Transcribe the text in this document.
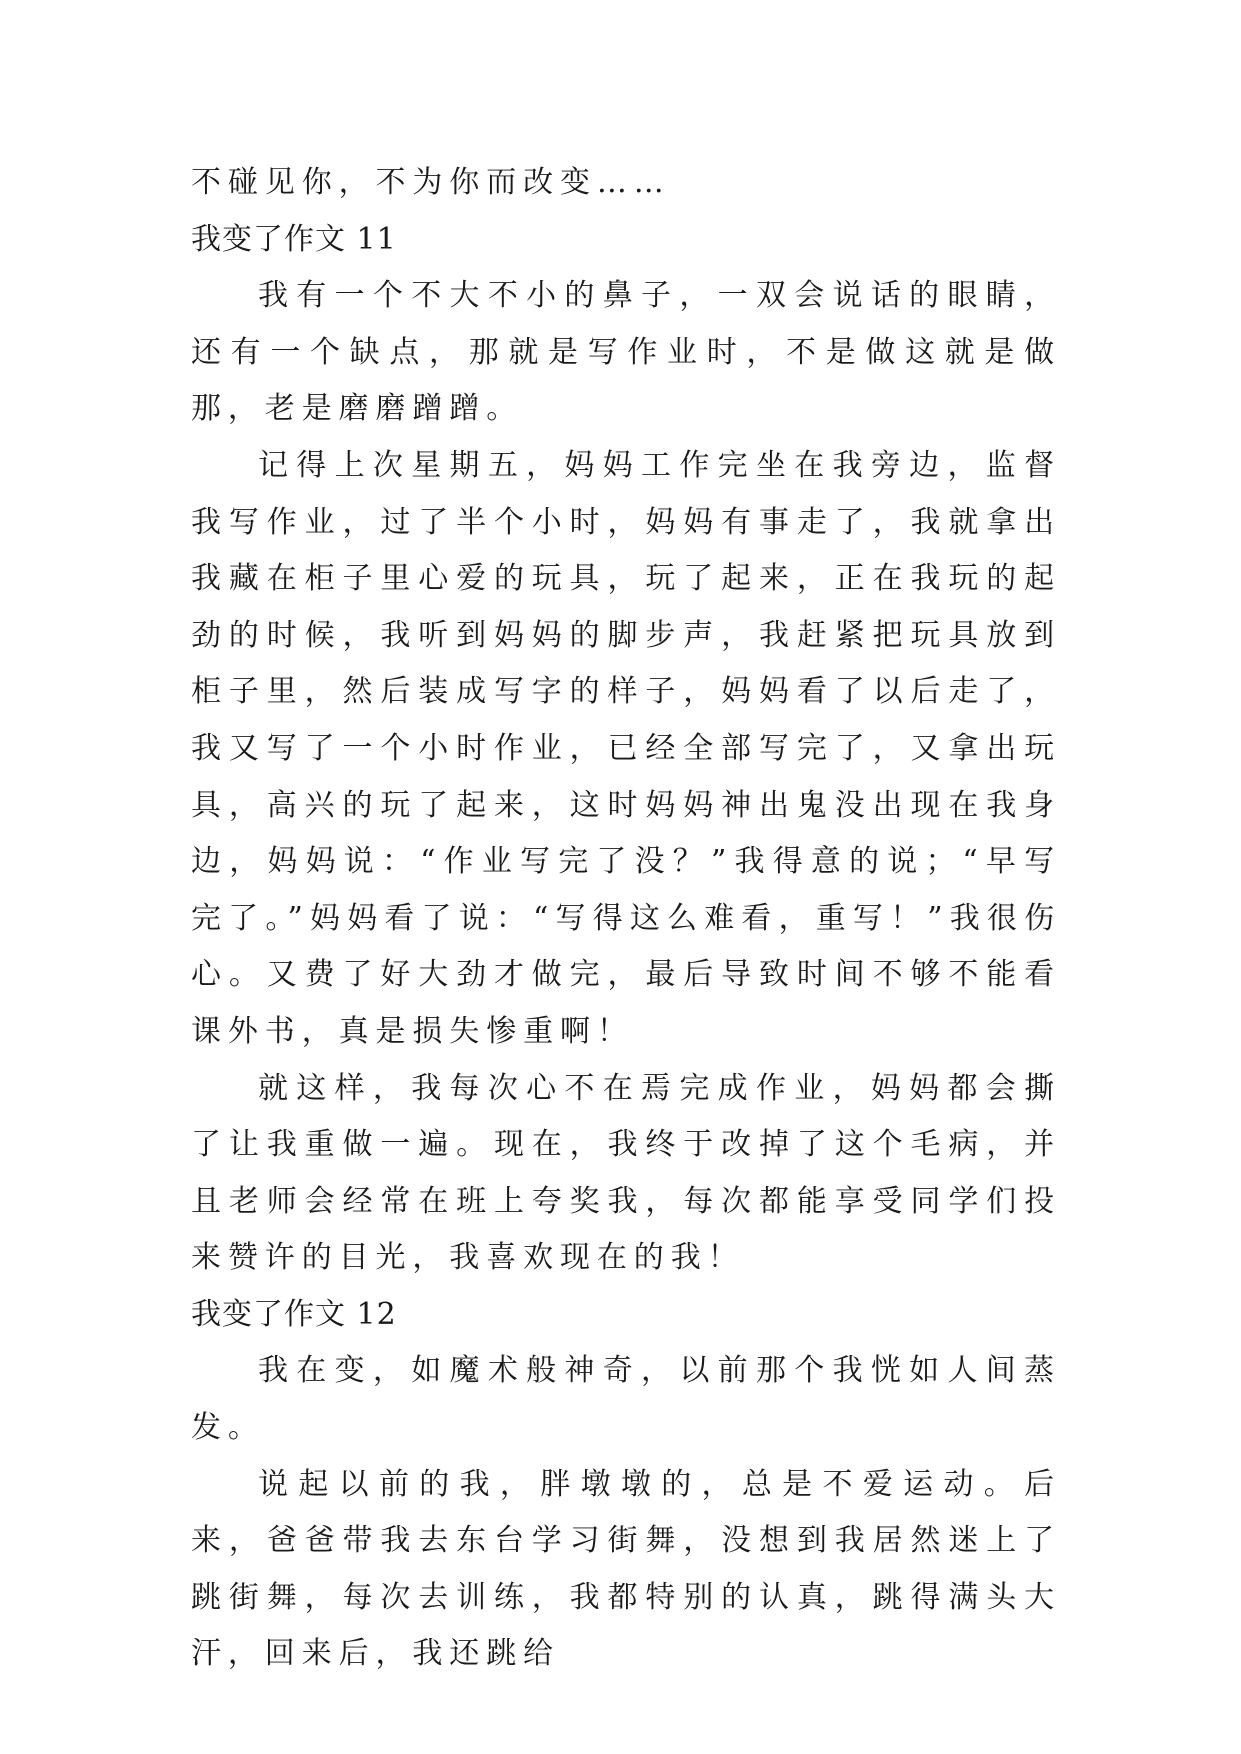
不碰见你，不为你而改变……

我变了作文 11

我有一个不大不小的鼻子，一双会说话的眼睛，还有一个缺点，那就是写作业时，不是做这就是做那，老是磨磨蹭蹭。

记得上次星期五，妈妈工作完坐在我旁边，监督我写作业，过了半个小时，妈妈有事走了，我就拿出我藏在柜子里心爱的玩具，玩了起来，正在我玩的起劲的时候，我听到妈妈的脚步声，我赶紧把玩具放到柜子里，然后装成写字的样子，妈妈看了以后走了，我又写了一个小时作业，已经全部写完了，又拿出玩具，高兴的玩了起来，这时妈妈神出鬼没出现在我身边，妈妈说：“作业写完了没？”我得意的说；“早写完了。”妈妈看了说：“写得这么难看，重写！”我很伤心。又费了好大劲才做完，最后导致时间不够不能看课外书，真是损失惨重啊！

就这样，我每次心不在焉完成作业，妈妈都会撕了让我重做一遍。现在，我终于改掉了这个毛病，并且老师会经常在班上夸奖我，每次都能享受同学们投来赞许的目光，我喜欢现在的我！

我变了作文 12

我在变，如魔术般神奇，以前那个我恍如人间蒸发。

说起以前的我，胖墩墩的，总是不爱运动。后来，爸爸带我去东台学习街舞，没想到我居然迷上了跳街舞，每次去训练，我都特别的认真，跳得满头大汗，回来后，我还跳给
